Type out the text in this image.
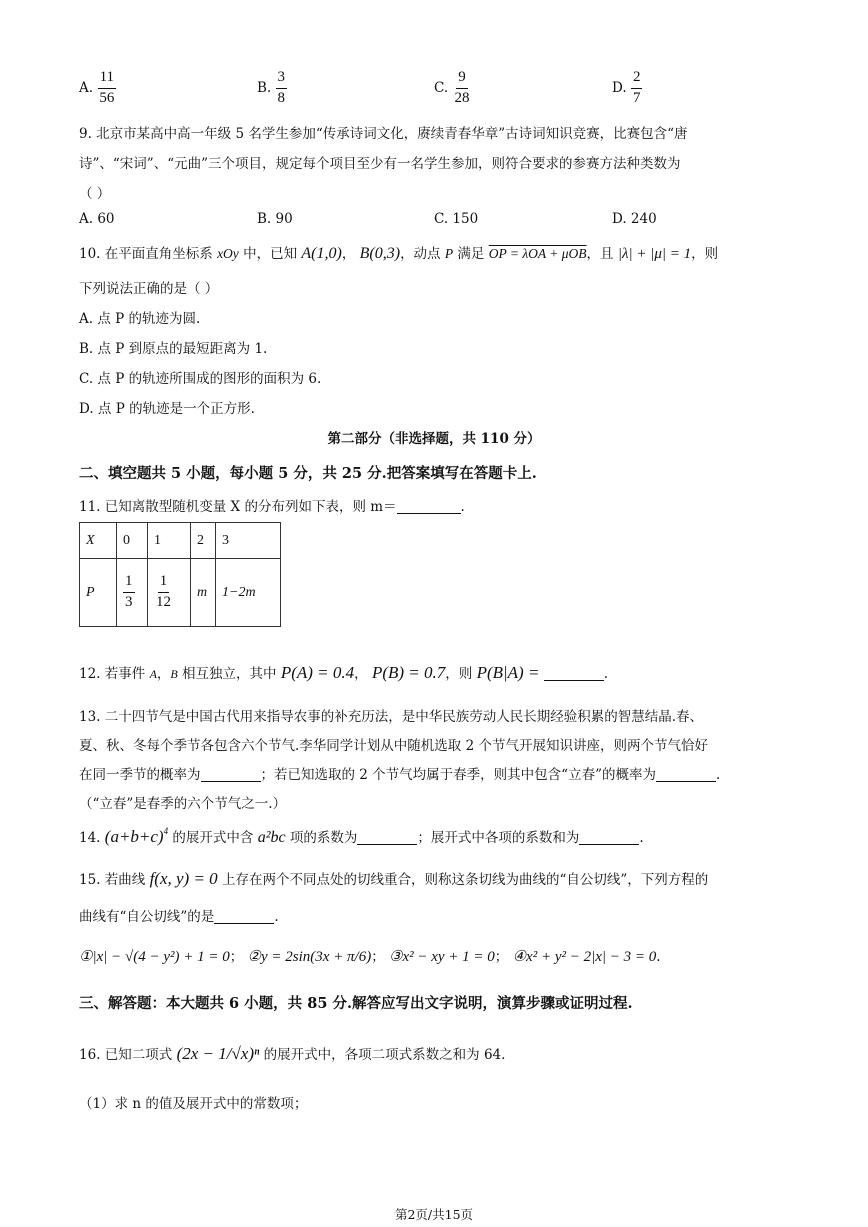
A. $\frac{11}{56}$	B. $\frac{3}{8}$	C. $\frac{9}{28}$	D. $\frac{2}{7}$
9. 北京市某高中高一年级 5 名学生参加“传承诗词文化，赓续青春华章”古诗词知识竞赛，比赛包含“唐
诗”、“宋词”、“元曲”三个项目，规定每个项目至少有一名学生参加，则符合要求的参赛方法种类数为
（ ）
A. 60	B. 90	C. 150	D. 240
10. 在平面直角坐标系 xOy 中，已知 A(1,0)， B(0,3)，动点 P 满足 OP = λOA + μOB，且 |λ| + |μ| = 1，则
下列说法正确的是（ ）
A. 点 P 的轨迹为圆.
B. 点 P 到原点的最短距离为 1.
C. 点 P 的轨迹所围成的图形的面积为 6.
D. 点 P 的轨迹是一个正方形.
第二部分（非选择题，共 110 分）
二、填空题共 5 小题，每小题 5 分，共 25 分.把答案填写在答题卡上.
11. 已知离散型随机变量 X 的分布列如下表，则 m＝	.
X	0	1	2	3
P	$\frac{1}{3}$	$\frac{1}{12}$	m	1−2m
12. 若事件 A，B 相互独立，其中 P(A) = 0.4， P(B) = 0.7，则 P(B|A) =	.
13. 二十四节气是中国古代用来指导农事的补充历法，是中华民族劳动人民长期经验积累的智慧结晶.春、
夏、秋、冬每个季节各包含六个节气.李华同学计划从中随机选取 2 个节气开展知识讲座，则两个节气恰好
在同一季节的概率为	；若已知选取的 2 个节气均属于春季，则其中包含“立春”的概率为	.
（“立春”是春季的六个节气之一.）
14. $(a+b+c)^4$ 的展开式中含 a²bc 项的系数为	；展开式中各项的系数和为	.
15. 若曲线 f(x, y) = 0 上存在两个不同点处的切线重合，则称这条切线为曲线的“自公切线”，下列方程的
曲线有“自公切线”的是	.
①|x| − √(4 − y²) + 1 = 0； ②y = 2sin(3x + π/6)； ③x² − xy + 1 = 0； ④x² + y² − 2|x| − 3 = 0.
三、解答题：本大题共 6 小题，共 85 分.解答应写出文字说明，演算步骤或证明过程.
16. 已知二项式 (2x − 1/√x)ⁿ 的展开式中，各项二项式系数之和为 64.
（1）求 n 的值及展开式中的常数项；
第2页/共15页
